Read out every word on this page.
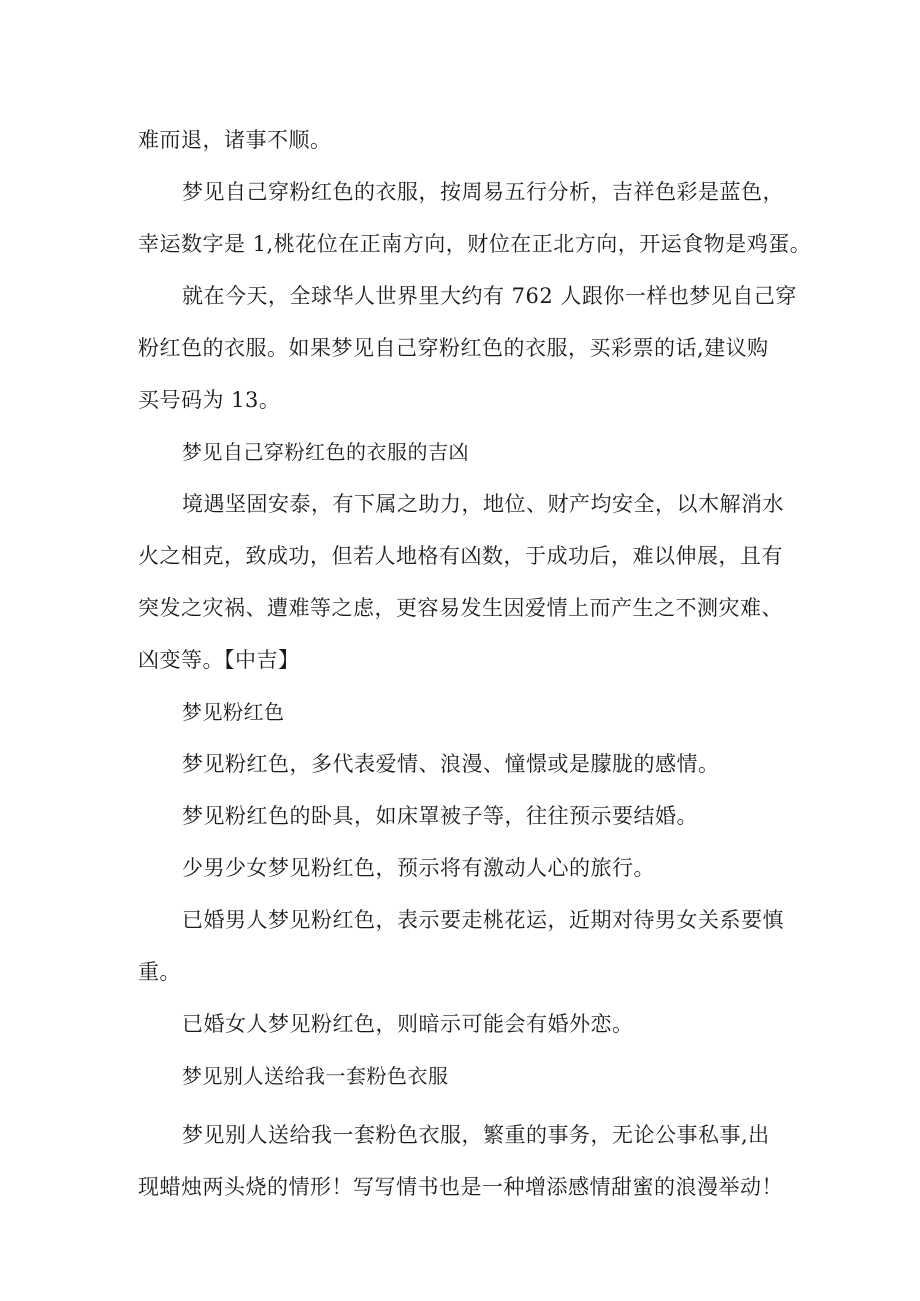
难而退，诸事不顺。
梦见自己穿粉红色的衣服，按周易五行分析，吉祥色彩是蓝色，
幸运数字是 1,桃花位在正南方向，财位在正北方向，开运食物是鸡蛋。
就在今天，全球华人世界里大约有 762 人跟你一样也梦见自己穿
粉红色的衣服。如果梦见自己穿粉红色的衣服，买彩票的话,建议购
买号码为 13。
梦见自己穿粉红色的衣服的吉凶
境遇坚固安泰，有下属之助力，地位、财产均安全，以木解消水
火之相克，致成功，但若人地格有凶数，于成功后，难以伸展，且有
突发之灾祸、遭难等之虑，更容易发生因爱情上而产生之不测灾难、
凶变等。【中吉】
梦见粉红色
梦见粉红色，多代表爱情、浪漫、憧憬或是朦胧的感情。
梦见粉红色的卧具，如床罩被子等，往往预示要结婚。
少男少女梦见粉红色，预示将有激动人心的旅行。
已婚男人梦见粉红色，表示要走桃花运，近期对待男女关系要慎
重。
已婚女人梦见粉红色，则暗示可能会有婚外恋。
梦见别人送给我一套粉色衣服
梦见别人送给我一套粉色衣服，繁重的事务，无论公事私事,出
现蜡烛两头烧的情形！写写情书也是一种增添感情甜蜜的浪漫举动！
